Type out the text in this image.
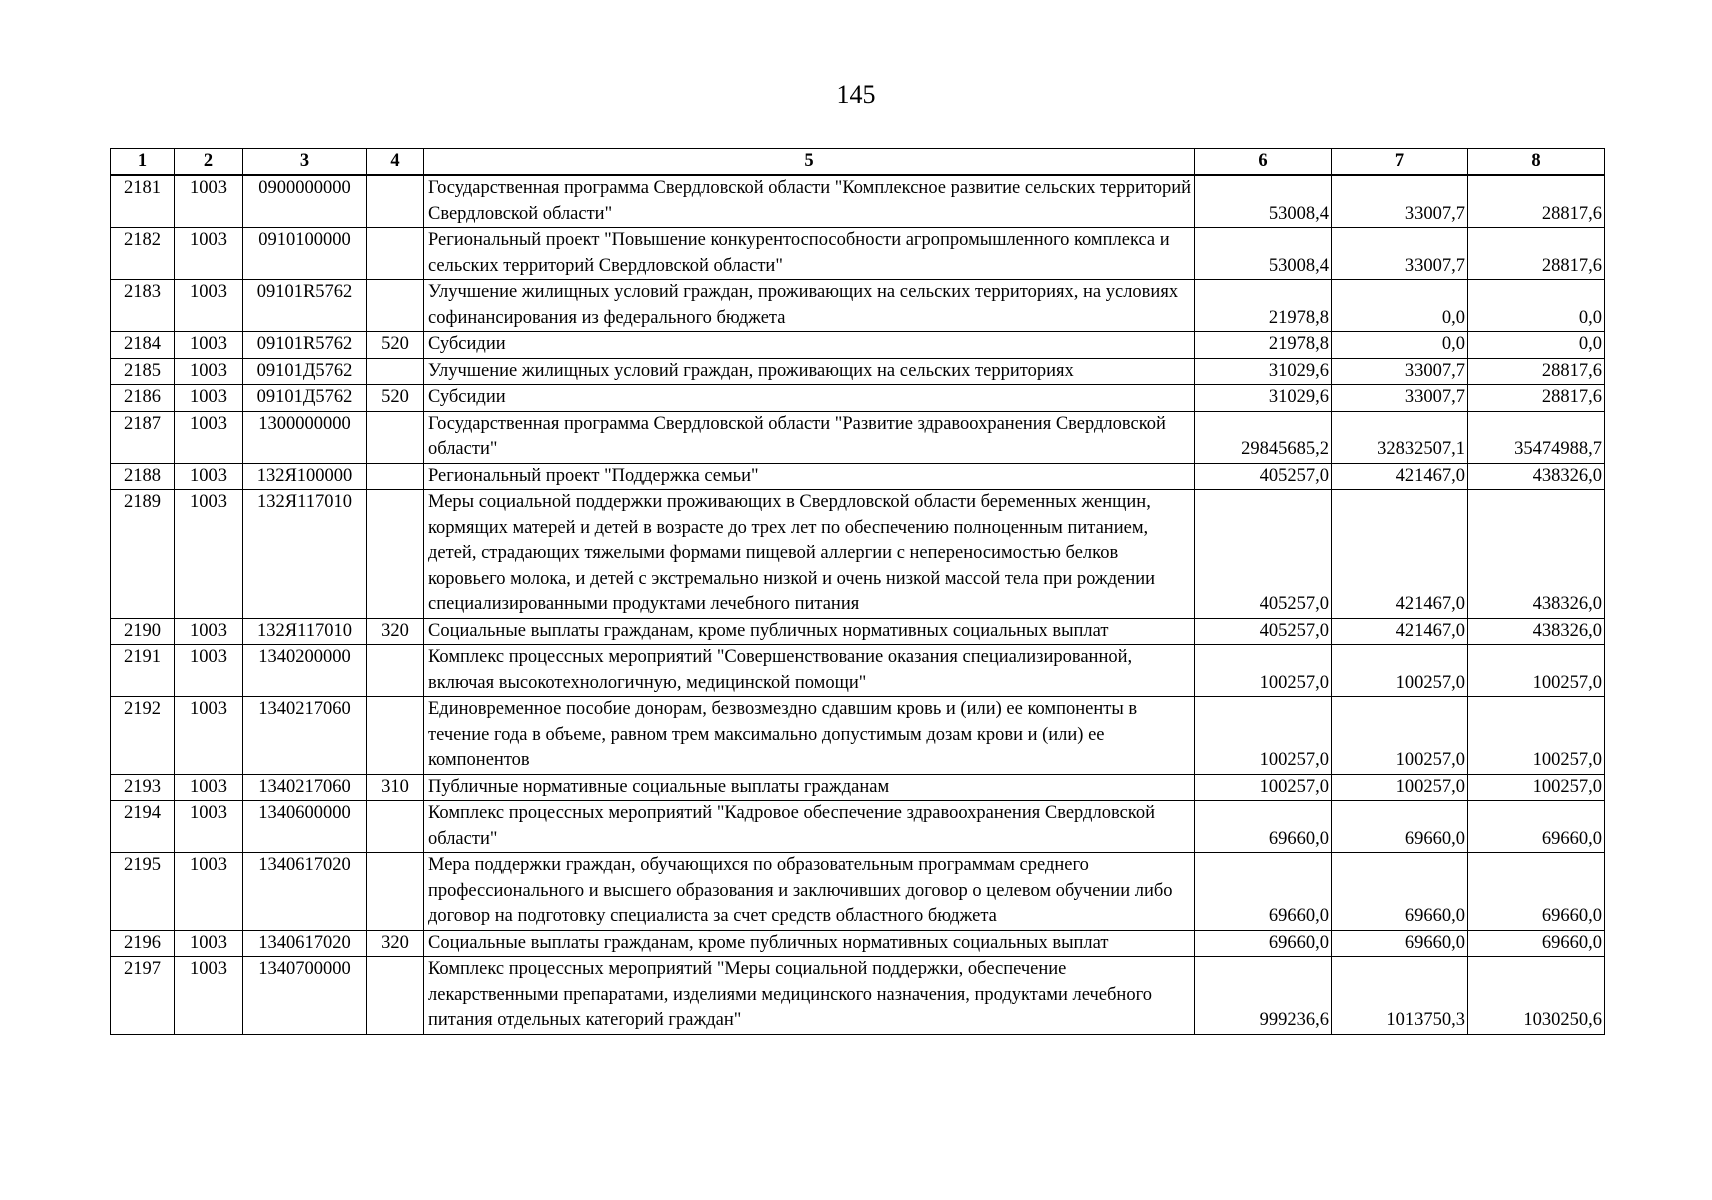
145
1	2	3	4	5	6	7	8
2181	1003	0900000000		Государственная программа Свердловской области "Комплексное развитие сельских территорий Свердловской области"	53008,4	33007,7	28817,6
2182	1003	0910100000		Региональный проект "Повышение конкурентоспособности агропромышленного комплекса и сельских территорий Свердловской области"	53008,4	33007,7	28817,6
2183	1003	09101R5762		Улучшение жилищных условий граждан, проживающих на сельских территориях, на условиях софинансирования из федерального бюджета	21978,8	0,0	0,0
2184	1003	09101R5762	520	Субсидии	21978,8	0,0	0,0
2185	1003	09101Д5762		Улучшение жилищных условий граждан, проживающих на сельских территориях	31029,6	33007,7	28817,6
2186	1003	09101Д5762	520	Субсидии	31029,6	33007,7	28817,6
2187	1003	1300000000		Государственная программа Свердловской области "Развитие здравоохранения Свердловской области"	29845685,2	32832507,1	35474988,7
2188	1003	132Я100000		Региональный проект "Поддержка семьи"	405257,0	421467,0	438326,0
2189	1003	132Я117010		Меры социальной поддержки проживающих в Свердловской области беременных женщин, кормящих матерей и детей в возрасте до трех лет по обеспечению полноценным питанием, детей, страдающих тяжелыми формами пищевой аллергии с непереносимостью белков коровьего молока, и детей с экстремально низкой и очень низкой массой тела при рождении специализированными продуктами лечебного питания	405257,0	421467,0	438326,0
2190	1003	132Я117010	320	Социальные выплаты гражданам, кроме публичных нормативных социальных выплат	405257,0	421467,0	438326,0
2191	1003	1340200000		Комплекс процессных мероприятий "Совершенствование оказания специализированной, включая высокотехнологичную, медицинской помощи"	100257,0	100257,0	100257,0
2192	1003	1340217060		Единовременное пособие донорам, безвозмездно сдавшим кровь и (или) ее компоненты в течение года в объеме, равном трем максимально допустимым дозам крови и (или) ее компонентов	100257,0	100257,0	100257,0
2193	1003	1340217060	310	Публичные нормативные социальные выплаты гражданам	100257,0	100257,0	100257,0
2194	1003	1340600000		Комплекс процессных мероприятий "Кадровое обеспечение здравоохранения Свердловской области"	69660,0	69660,0	69660,0
2195	1003	1340617020		Мера поддержки граждан, обучающихся по образовательным программам среднего профессионального и высшего образования и заключивших договор о целевом обучении либо договор на подготовку специалиста за счет средств областного бюджета	69660,0	69660,0	69660,0
2196	1003	1340617020	320	Социальные выплаты гражданам, кроме публичных нормативных социальных выплат	69660,0	69660,0	69660,0
2197	1003	1340700000		Комплекс процессных мероприятий "Меры социальной поддержки, обеспечение лекарственными препаратами, изделиями медицинского назначения, продуктами лечебного питания отдельных категорий граждан"	999236,6	1013750,3	1030250,6
